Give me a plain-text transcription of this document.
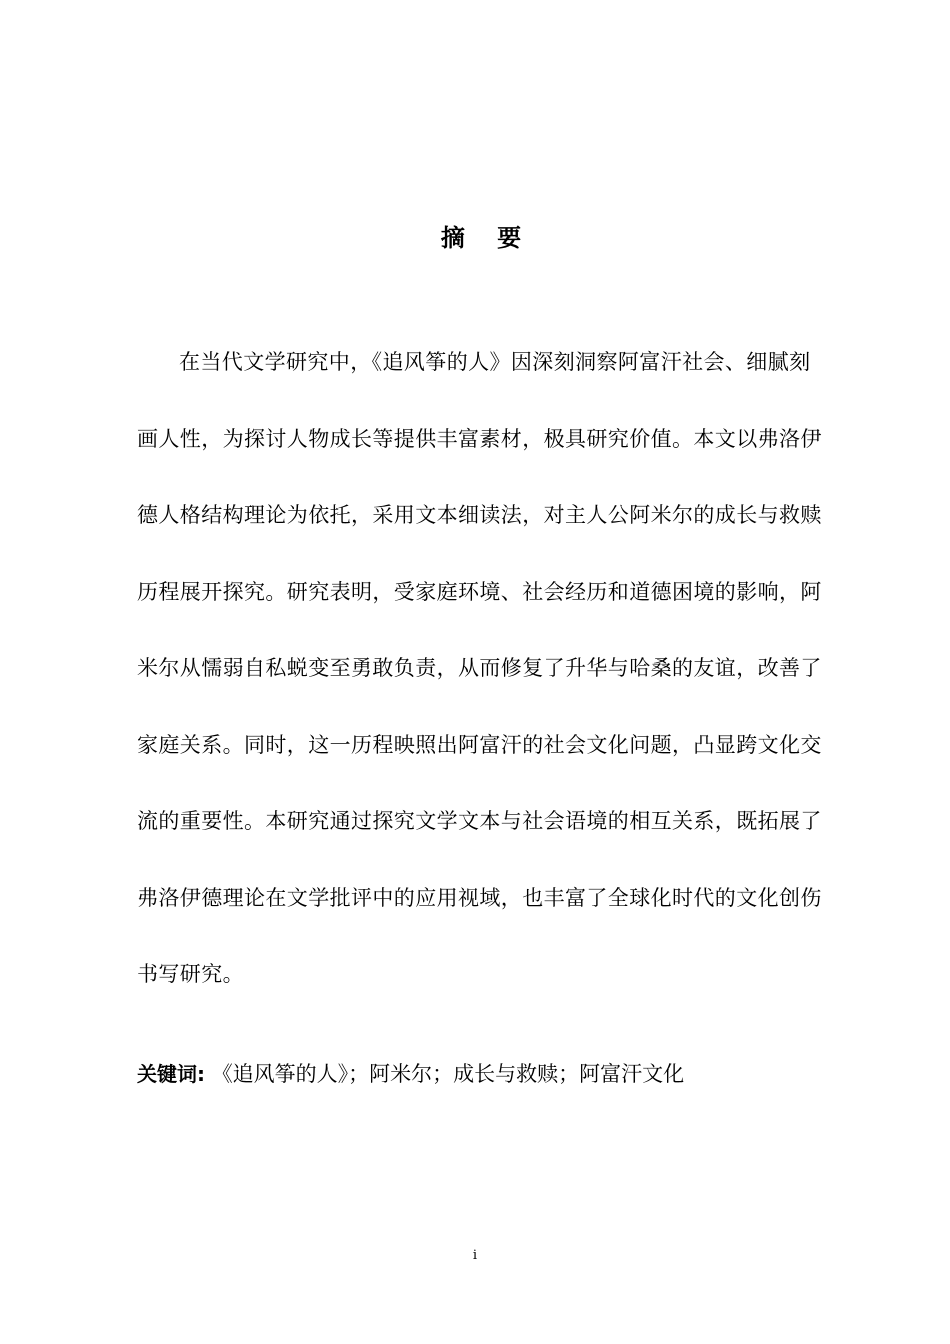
摘 要
在当代文学研究中，《追风筝的人》因深刻洞察阿富汗社会、细腻刻
画人性，为探讨人物成长等提供丰富素材，极具研究价值。本文以弗洛伊
德人格结构理论为依托，采用文本细读法，对主人公阿米尔的成长与救赎
历程展开探究。研究表明，受家庭环境、社会经历和道德困境的影响，阿
米尔从懦弱自私蜕变至勇敢负责，从而修复了升华与哈桑的友谊，改善了
家庭关系。同时，这一历程映照出阿富汗的社会文化问题，凸显跨文化交
流的重要性。本研究通过探究文学文本与社会语境的相互关系，既拓展了
弗洛伊德理论在文学批评中的应用视域，也丰富了全球化时代的文化创伤
书写研究。
关键词: 《追风筝的人》；阿米尔；成长与救赎；阿富汗文化
i
